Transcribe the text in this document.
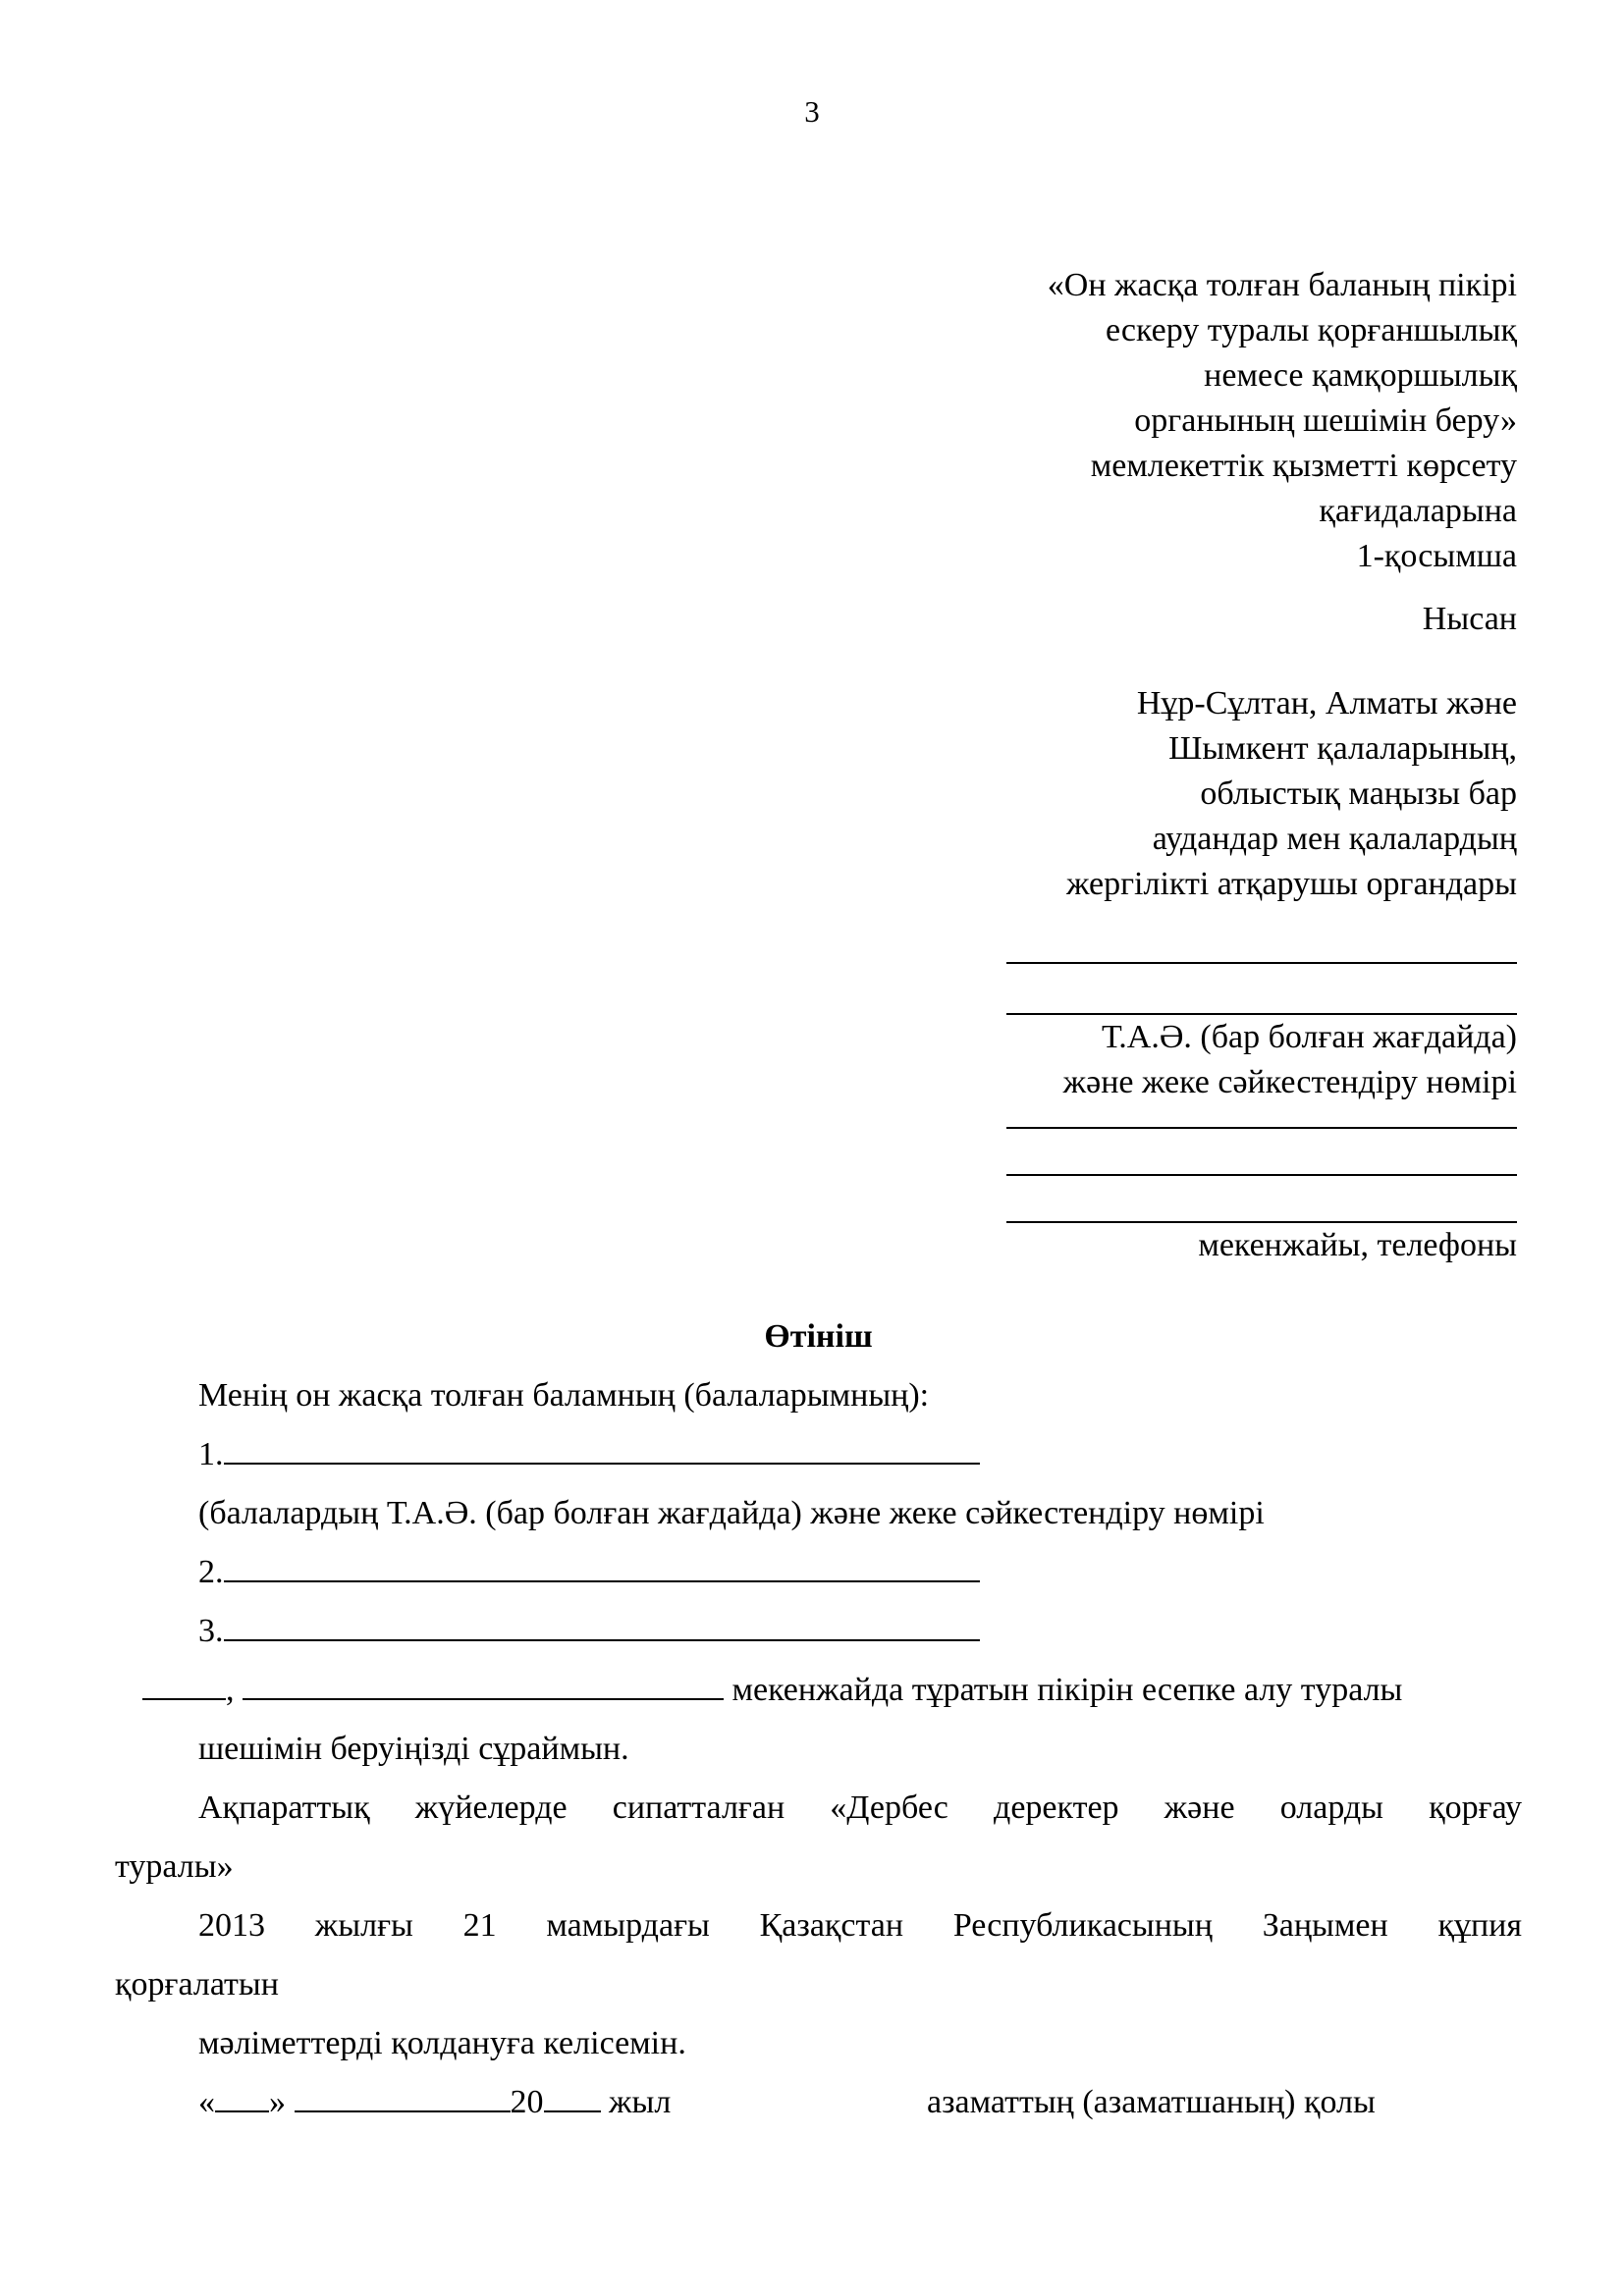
3
«Он жасқа толған баланың пікірі
ескеру туралы қорғаншылық
немесе қамқоршылық
органының шешімін беру»
мемлекеттік қызметті көрсету
қағидаларына
1-қосымша
Нысан
Нұр-Сұлтан, Алматы және
Шымкент қалаларының,
облыстық маңызы бар
аудандар мен қалалардың
жергілікті атқарушы органдары
Т.А.Ә. (бар болған жағдайда)
және жеке сәйкестендіру нөмірі
мекенжайы, телефоны
Өтініш
Менің он жасқа толған баламның (балаларымның):
1.
(балалардың Т.А.Ә. (бар болған жағдайда) және жеке сәйкестендіру нөмірі
2.
3.
,	мекенжайда тұратын пікірін есепке алу туралы
шешімін беруіңізді сұраймын.
Ақпараттық жүйелерде сипатталған «Дербес деректер және оларды қорғау
туралы»
2013 жылғы 21 мамырдағы Қазақстан Республикасының Заңымен құпия
қорғалатын
мәліметтерді қолдануға келісемін.
« »	20 жыл	азаматтың (азаматшаның) қолы
